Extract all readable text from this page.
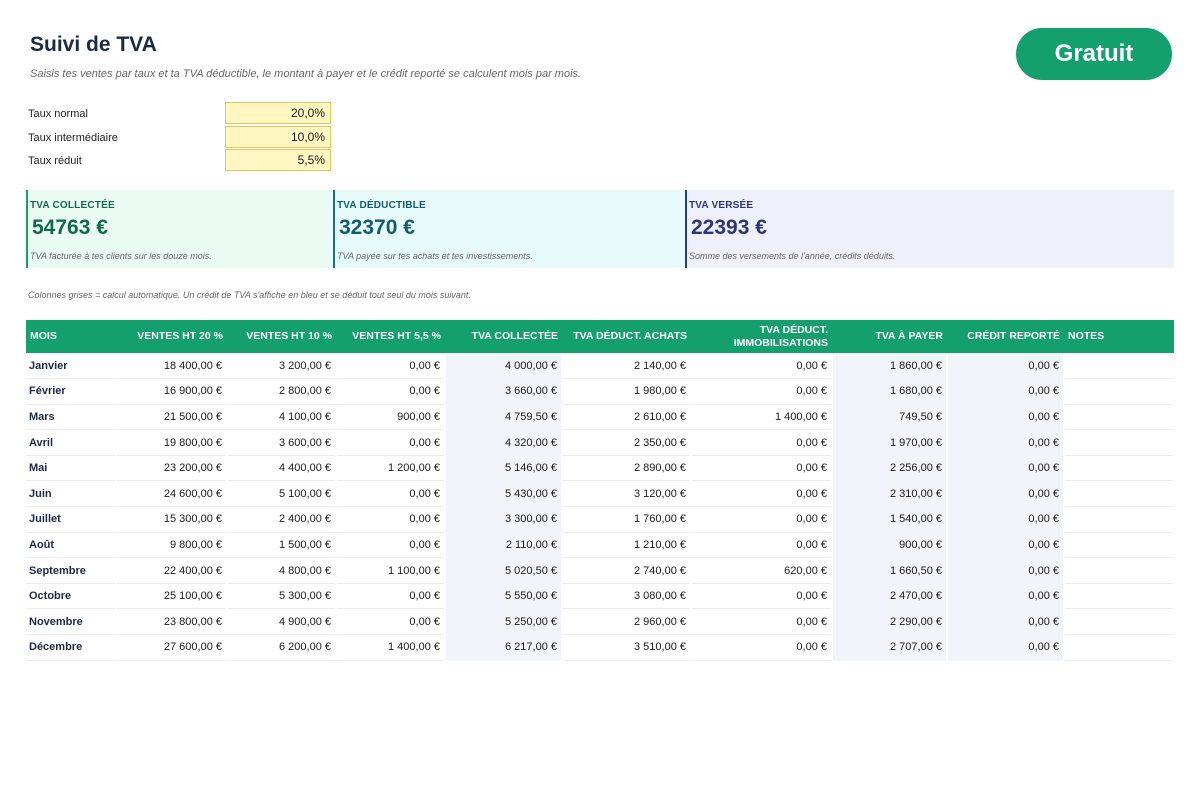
Suivi de TVA
Saisis tes ventes par taux et ta TVA déductible, le montant à payer et le crédit reporté se calculent mois par mois.
Gratuit
Taux normal	20,0%
Taux intermédiaire	10,0%
Taux réduit	5,5%
TVA COLLECTÉE
54763 €
TVA facturée à tes clients sur les douze mois.
TVA DÉDUCTIBLE
32370 €
TVA payée sur tes achats et tes investissements.
TVA VERSÉE
22393 €
Somme des versements de l'année, crédits déduits.
Colonnes grises = calcul automatique. Un crédit de TVA s'affiche en bleu et se déduit tout seul du mois suivant.
MOIS	VENTES HT 20 %	VENTES HT 10 %	VENTES HT 5,5 %	TVA COLLECTÉE	TVA DÉDUCT. ACHATS	TVA DÉDUCT.
IMMOBILISATIONS	TVA À PAYER	CRÉDIT REPORTÉ	NOTES
Janvier	18 400,00 €	3 200,00 €	0,00 €	4 000,00 €	2 140,00 €	0,00 €	1 860,00 €	0,00 €	
Février	16 900,00 €	2 800,00 €	0,00 €	3 660,00 €	1 980,00 €	0,00 €	1 680,00 €	0,00 €	
Mars	21 500,00 €	4 100,00 €	900,00 €	4 759,50 €	2 610,00 €	1 400,00 €	749,50 €	0,00 €	
Avril	19 800,00 €	3 600,00 €	0,00 €	4 320,00 €	2 350,00 €	0,00 €	1 970,00 €	0,00 €	
Mai	23 200,00 €	4 400,00 €	1 200,00 €	5 146,00 €	2 890,00 €	0,00 €	2 256,00 €	0,00 €	
Juin	24 600,00 €	5 100,00 €	0,00 €	5 430,00 €	3 120,00 €	0,00 €	2 310,00 €	0,00 €	
Juillet	15 300,00 €	2 400,00 €	0,00 €	3 300,00 €	1 760,00 €	0,00 €	1 540,00 €	0,00 €	
Août	9 800,00 €	1 500,00 €	0,00 €	2 110,00 €	1 210,00 €	0,00 €	900,00 €	0,00 €	
Septembre	22 400,00 €	4 800,00 €	1 100,00 €	5 020,50 €	2 740,00 €	620,00 €	1 660,50 €	0,00 €	
Octobre	25 100,00 €	5 300,00 €	0,00 €	5 550,00 €	3 080,00 €	0,00 €	2 470,00 €	0,00 €	
Novembre	23 800,00 €	4 900,00 €	0,00 €	5 250,00 €	2 960,00 €	0,00 €	2 290,00 €	0,00 €	
Décembre	27 600,00 €	6 200,00 €	1 400,00 €	6 217,00 €	3 510,00 €	0,00 €	2 707,00 €	0,00 €	
